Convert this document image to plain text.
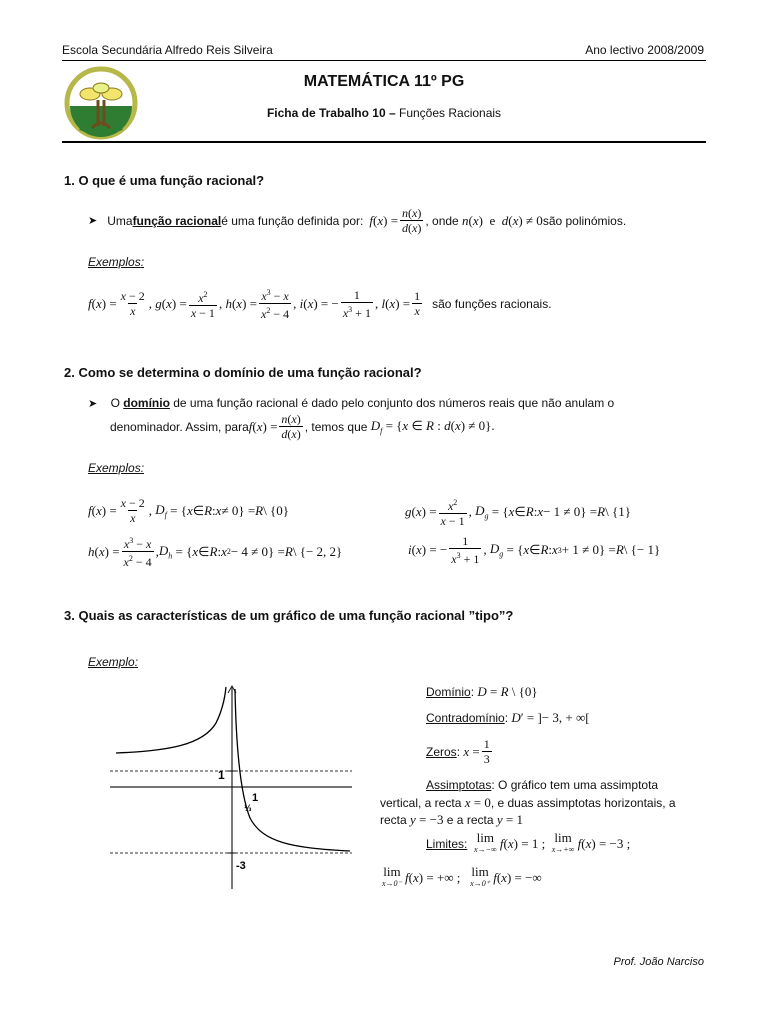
Escola Secundária Alfredo Reis Silveira	Ano lectivo 2008/2009
MATEMÁTICA 11º PG
Ficha de Trabalho 10 – Funções Racionais
1. O que é uma função racional?
➤ Uma função racional é uma função definida por: $f(x) = \frac{n(x)}{d(x)}$ , onde n(x)  e  d(x) ≠ 0 são polinómios.
Exemplos:
f ( x ) = $\frac{x - 2}{x}$ , g ( x ) = $\frac{x^2}{x - 1}$ , h ( x ) = $\frac{x^3 - x}{x^2 - 4}$ , i ( x ) = − $\frac{1}{x^3 + 1}$ , l ( x ) = $\frac{1}{x}$ são funções racionais.
2. Como se determina o domínio de uma função racional?
➤ O domínio de uma função racional é dado pelo conjunto dos números reais que não anulam o
denominador. Assim, para $f(x) = \frac{n(x)}{d(x)}$ , temos que $D_f = \{x$ ∈ R : d(x) ≠ 0}.
Exemplos:
f ( x ) = $\frac{x - 2}{x}$ , $D_f$ = { x ∈ R : x ≠ 0} = R \ {0}	g ( x ) = $\frac{x^2}{x - 1}$ , $D_g$ = { x ∈ R : x − 1 ≠ 0} = R \ {1}
h ( x ) = $\frac{x^3 - x}{x^2 - 4}$ , $D_h$ = { x ∈ R : x 2 − 4 ≠ 0} = R \ {− 2, 2}	i ( x ) = − $\frac{1}{x^3 + 1}$ , $D_g$ = { x ∈ R : x 3 + 1 ≠ 0} = R \ {− 1}
3. Quais as características de um gráfico de uma função racional ”tipo”?
Exemplo:
1
-3
1
⅓
Domínio : D = R \ {0}
Contradomínio : D′ = ]− 3, + ∞[
Zeros : $x = \frac{1}{3}$
Assimptotas: O gráfico tem uma assimptota
vertical, a recta x = 0, e duas assimptotas horizontais, a
recta y = −3 e a recta y = 1
Limites:
lim
x→−∞ f(x) = 1 ; lim
x→+∞ f(x) = −3 ;
lim
x→0⁻ f(x) = +∞ ; lim
x→0⁺ f(x) = −∞
Prof. João Narciso
